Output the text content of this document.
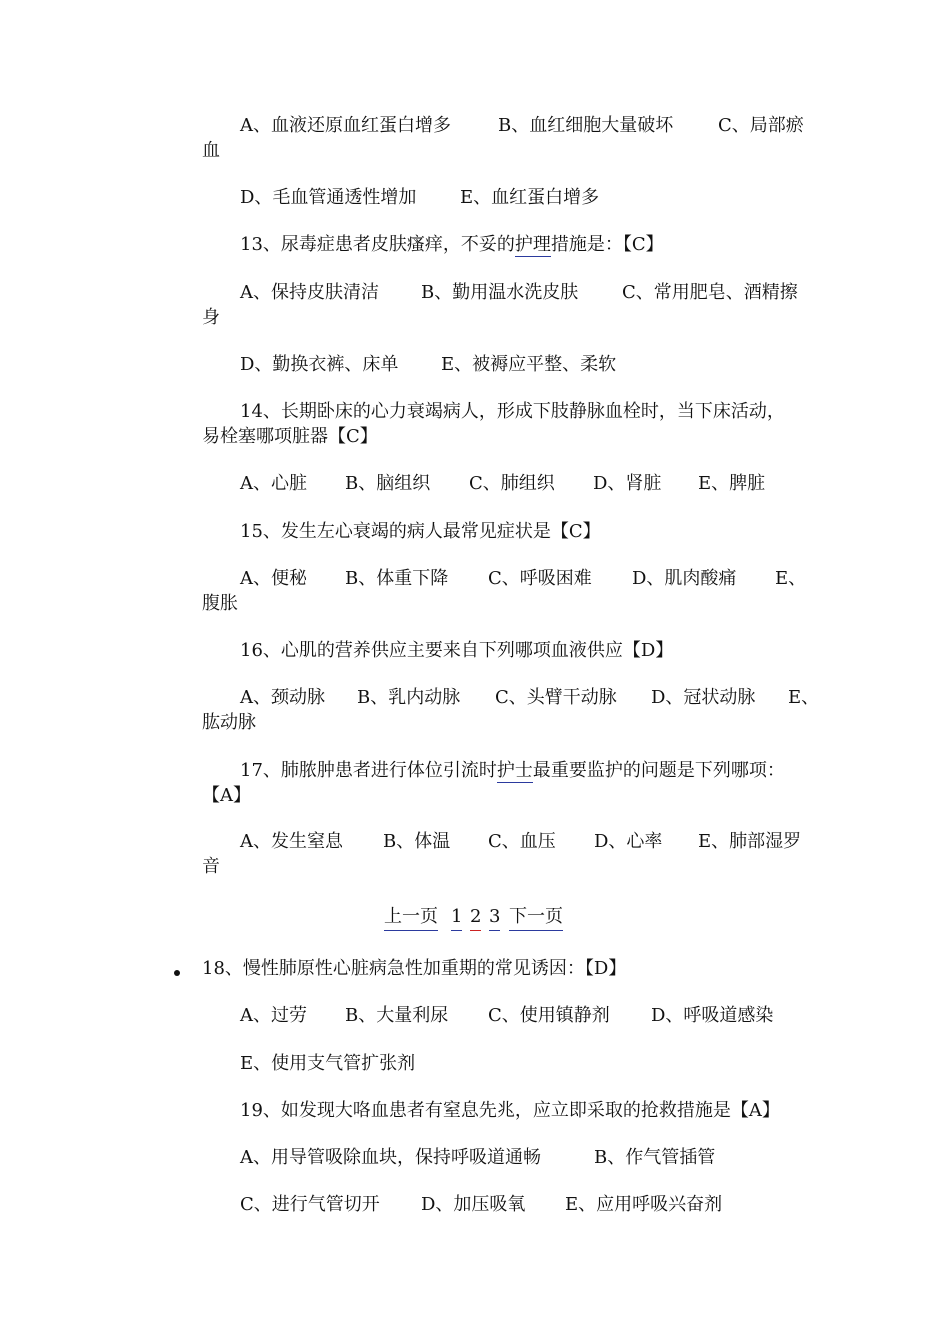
A、血液还原血红蛋白增多	B、血红细胞大量破坏 C、局部瘀
血
D、毛血管通透性增加 E、血红蛋白增多
13、尿毒症患者皮肤瘙痒，不妥的护理措施是：【C】
A、保持皮肤清洁 B、勤用温水洗皮肤 C、常用肥皂、酒精擦
身
D、勤换衣裤、床单 E、被褥应平整、柔软
14、长期卧床的心力衰竭病人，形成下肢静脉血栓时，当下床活动，
易栓塞哪项脏器【C】
A、心脏 B、脑组织 C、肺组织 D、肾脏 E、脾脏
15、发生左心衰竭的病人最常见症状是【C】
A、便秘 B、体重下降 C、呼吸困难 D、肌肉酸痛 E、
腹胀
16、心肌的营养供应主要来自下列哪项血液供应【D】
A、颈动脉 B、乳内动脉 C、头臂干动脉 D、冠状动脉 E、
肱动脉
17、肺脓肿患者进行体位引流时护士最重要监护的问题是下列哪项：
【A】
A、发生窒息 B、体温 C、血压 D、心率 E、肺部湿罗
音
上一页 1 2 3 下一页
18、慢性肺原性心脏病急性加重期的常见诱因：【D】
A、过劳 B、大量利尿 C、使用镇静剂 D、呼吸道感染
E、使用支气管扩张剂
19、如发现大咯血患者有窒息先兆，应立即采取的抢救措施是【A】
A、用导管吸除血块，保持呼吸道通畅	B、作气管插管
C、进行气管切开 D、加压吸氧 E、应用呼吸兴奋剂
